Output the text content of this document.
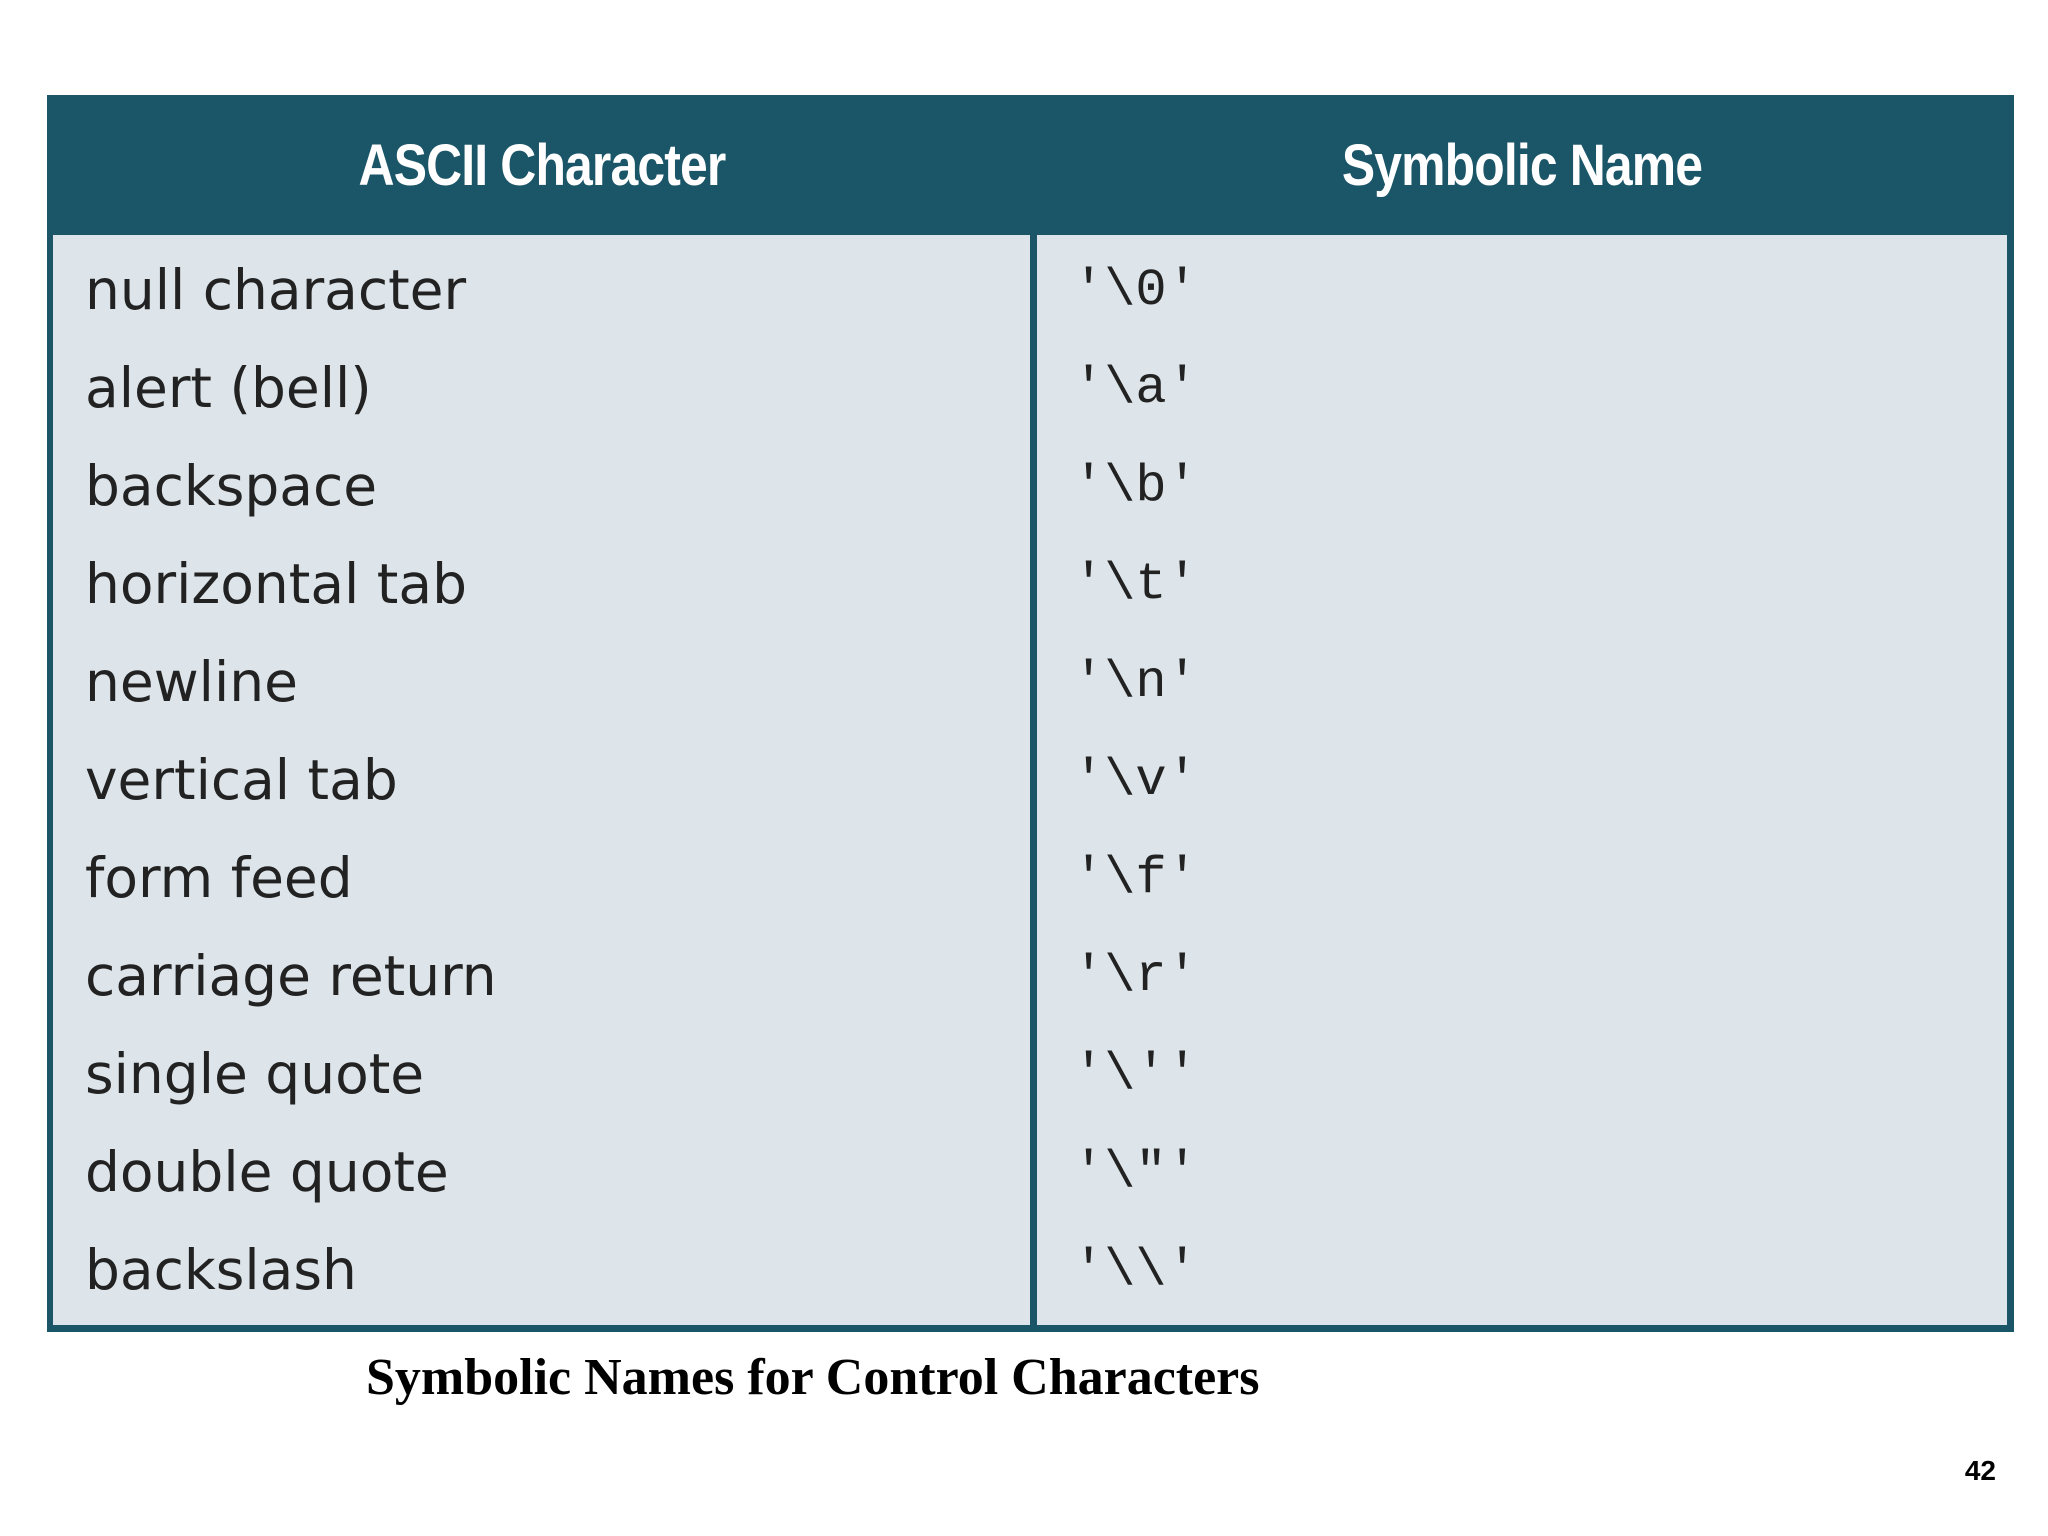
ASCII Character	Symbolic Name
null character
alert (bell)
backspace
horizontal tab
newline
vertical tab
form feed
carriage return
single quote
double quote
backslash
'\0'
'\a'
'\b'
'\t'
'\n'
'\v'
'\f'
'\r'
'\''
'\"'
'\\'
Symbolic Names for Control Characters
42
